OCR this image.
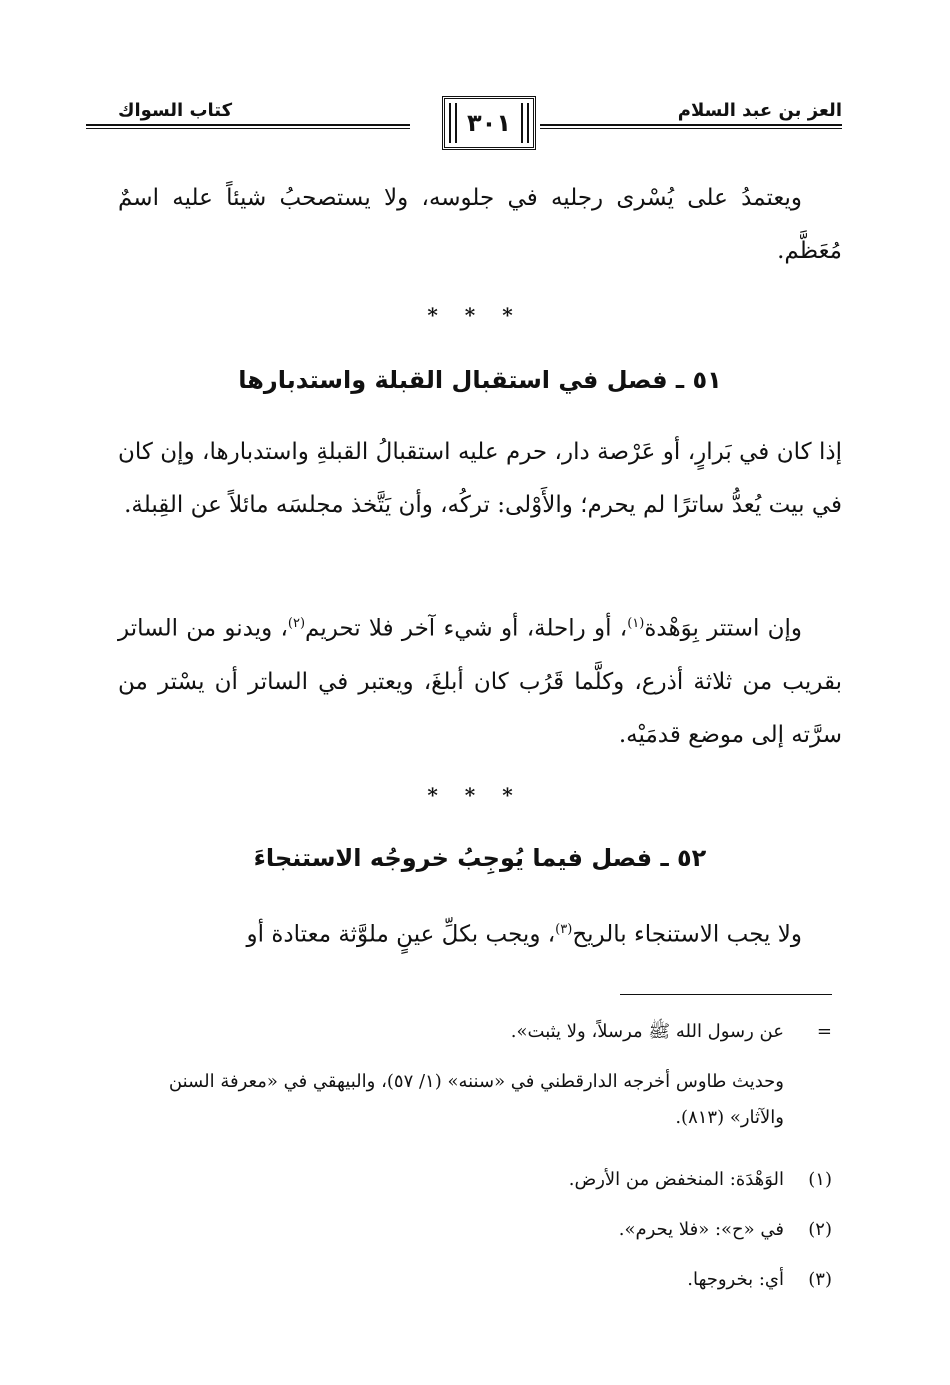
العز بن عبد السلام
كتاب السواك	٣٠١

ويعتمدُ على يُسْرى رجليه في جلوسه، ولا يستصحبُ شيئاً عليه اسمٌ مُعَظَّم.

* * *
٥١ ـ فصل في استقبال القبلة واستدبارها

إذا كان في بَرارٍ، أو عَرْصة دار، حرم عليه استقبالُ القبلةِ واستدبارها، وإن كان في بيت يُعدُّ ساترًا لم يحرم؛ والأَوْلى: تركُه، وأن يَتَّخذ مجلسَه مائلاً عن القِبلة.

وإن استتر بِوَهْدة$^{(١)}$، أو راحلة، أو شيء آخر فلا تحريم$^{(٢)}$، ويدنو من الساتر بقريب من ثلاثة أذرع، وكلَّما قَرُب كان أبلغَ، ويعتبر في الساتر أن يسْتر من سرَّته إلى موضع قدمَيْه.

* * *
٥٢ ـ فصل فيما يُوجِبُ خروجُه الاستنجاءَ

ولا يجب الاستنجاء بالريح$^{(٣)}$، ويجب بكلِّ عينٍ ملوَّثة معتادة أو

=عن رسول الله ﷺ مرسلاً، ولا يثبت».
وحديث طاوس أخرجه الدارقطني في «سننه» (١/ ٥٧)، والبيهقي في «معرفة السنن والآثار» (٨١٣).
(١)الوَهْدَة: المنخفض من الأرض.
(٢)في «ح»: «فلا يحرم».
(٣)أي: بخروجها.
